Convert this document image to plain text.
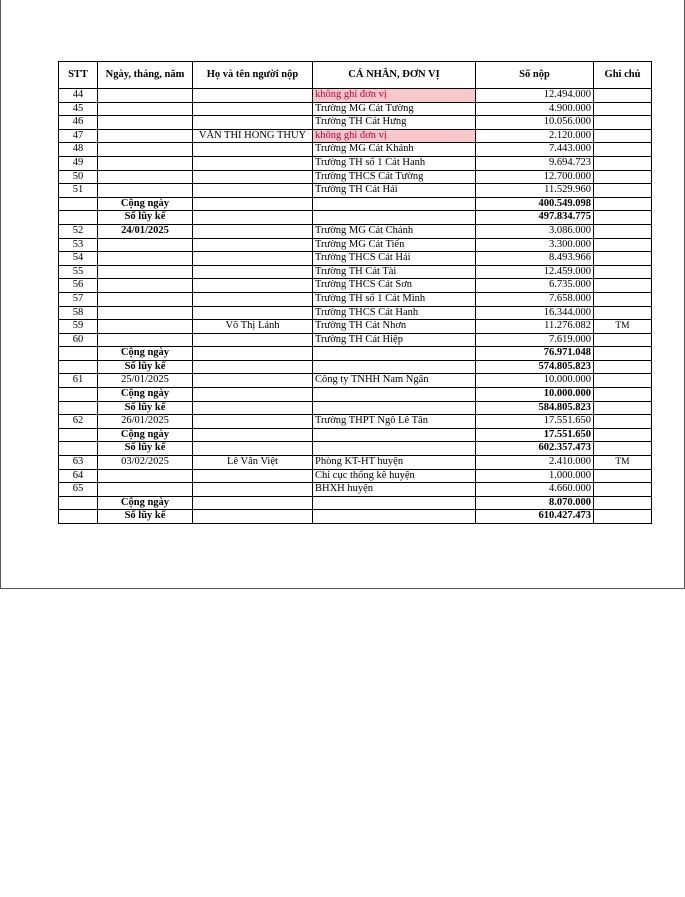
STT	Ngày, tháng, năm	Họ và tên người nộp	CÁ NHÂN, ĐƠN VỊ	Số nộp	Ghi chú
44			không ghi đơn vị	12.494.000	
45			Trường MG Cát Tường	4.900.000	
46			Trường TH Cát Hưng	10.056.000	
47		VĂN THI HONG THUY	không ghi đơn vị	2.120.000	
48			Trường MG Cát Khánh	7.443.000	
49			Trường TH số 1 Cát Hanh	9.694.723	
50			Trường THCS Cát Tường	12.700.000	
51			Trường TH Cát Hải	11.529.960	
	Cộng ngày			400.549.098	
	Số lũy kế			497.834.775	
52	24/01/2025		Trường MG Cát Chánh	3.086.000	
53			Trường MG Cát Tiến	3.300.000	
54			Trường THCS Cát Hải	8.493.966	
55			Trường TH Cát Tài	12.459.000	
56			Trường THCS Cát Sơn	6.735.000	
57			Trường TH số 1 Cát Minh	7.658.000	
58			Trường THCS Cát Hanh	16.344.000	
59		Võ Thị Lánh	Trường TH Cát Nhơn	11.276.082	TM
60			Trường TH Cát Hiệp	7.619.000	
	Cộng ngày			76.971.048	
	Số lũy kế			574.805.823	
61	25/01/2025		Công ty TNHH Nam Ngân	10.000.000	
	Cộng ngày			10.000.000	
	Số lũy kế			584.805.823	
62	26/01/2025		Trường THPT Ngô Lê Tân	17.551.650	
	Cộng ngày			17.551.650	
	Số lũy kế			602.357.473	
63	03/02/2025	Lê Văn Việt	Phòng KT-HT huyện	2.410.000	TM
64			Chi cục thống kê huyện	1.000.000	
65			BHXH huyện	4.660.000	
	Cộng ngày			8.070.000	
	Số lũy kế			610.427.473	
